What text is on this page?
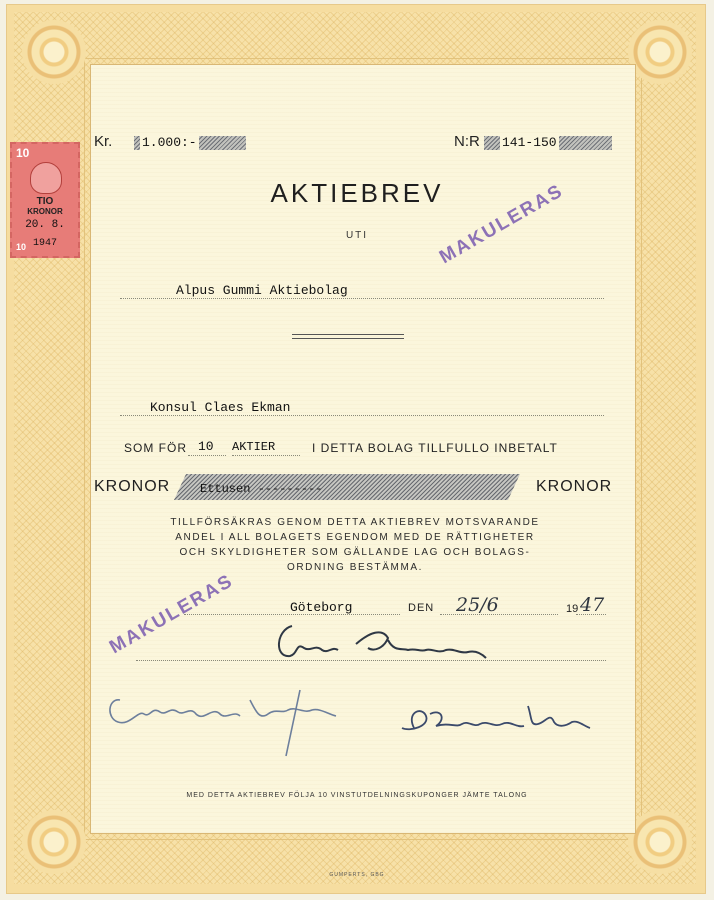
Kr. 1.000:-	N:R 141-150
AKTIEBREV
UTI
Alpus Gummi Aktiebolag
Konsul Claes Ekman
SOM FÖR 10 AKTIER	I DETTA BOLAG TILLFULLO INBETALT
KRONOR Ettusen ---------	KRONOR
TILLFÖRSÄKRAS GENOM DETTA AKTIEBREV MOTSVARANDE
ANDEL I ALL BOLAGETS EGENDOM MED DE RÄTTIGHETER
OCH SKYLDIGHETER SOM GÄLLANDE LAG OCH BOLAGS-
ORDNING BESTÄMMA.
Göteborg	DEN 25/6	19 47
MED DETTA AKTIEBREV FÖLJA 10 VINSTUTDELNINGSKUPONGER JÄMTE TALONG
GUMPERTS, GBG
10
TIO
KRONOR
20. 8.
1947
10	MAKULERAS
MAKULERAS
